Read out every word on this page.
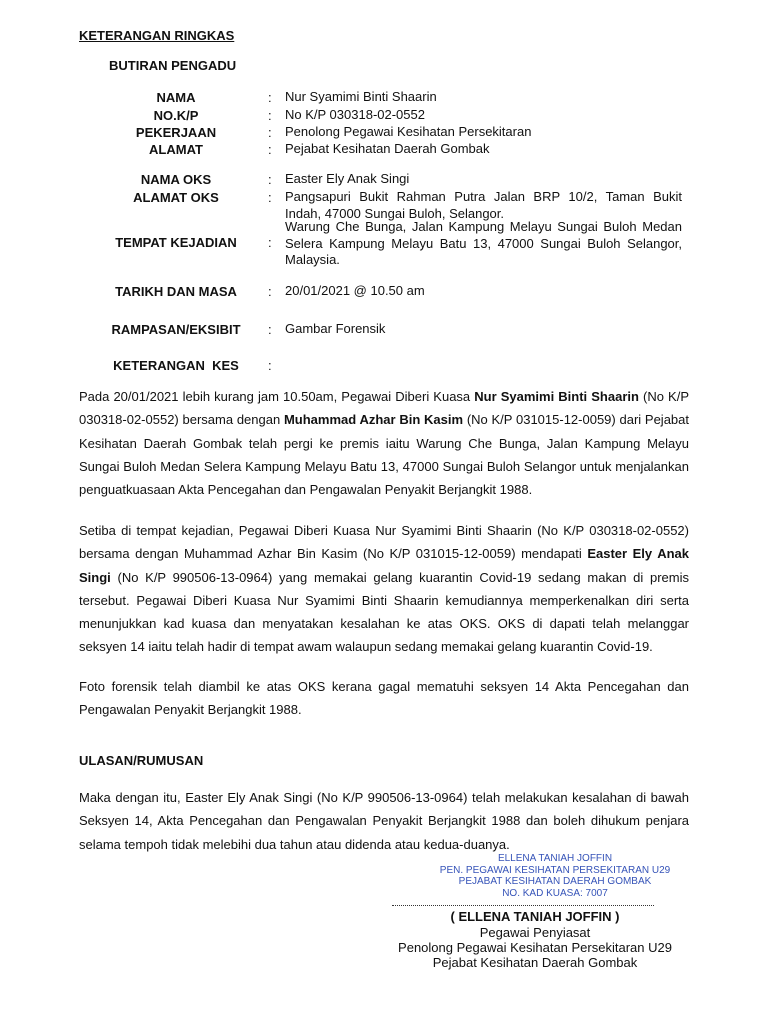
KETERANGAN RINGKAS
BUTIRAN PENGADU
NAMA	: Nur Syamimi Binti Shaarin
NO.K/P	: No K/P 030318-02-0552
PEKERJAAN	: Penolong Pegawai Kesihatan Persekitaran
ALAMAT	: Pejabat Kesihatan Daerah Gombak
NAMA OKS	: Easter Ely Anak Singi
ALAMAT OKS	: Pangsapuri Bukit Rahman Putra Jalan BRP 10/2, Taman Bukit Indah, 47000 Sungai Buloh, Selangor.
TEMPAT KEJADIAN	:
Warung Che Bunga, Jalan Kampung Melayu Sungai Buloh Medan Selera Kampung Melayu Batu 13, 47000 Sungai Buloh Selangor, Malaysia.
TARIKH DAN MASA	: 20/01/2021 @ 10.50 am
RAMPASAN/EKSIBIT	: Gambar Forensik
KETERANGAN  KES	:
Pada 20/01/2021 lebih kurang jam 10.50am, Pegawai Diberi Kuasa Nur Syamimi Binti Shaarin (No K/P 030318-02-0552) bersama dengan Muhammad Azhar Bin Kasim (No K/P 031015-12-0059) dari Pejabat Kesihatan Daerah Gombak telah pergi ke premis iaitu Warung Che Bunga, Jalan Kampung Melayu Sungai Buloh Medan Selera Kampung Melayu Batu 13, 47000 Sungai Buloh Selangor untuk menjalankan penguatkuasaan Akta Pencegahan dan Pengawalan Penyakit Berjangkit 1988.
Setiba di tempat kejadian, Pegawai Diberi Kuasa Nur Syamimi Binti Shaarin (No K/P 030318-02-0552) bersama dengan Muhammad Azhar Bin Kasim (No K/P 031015-12-0059) mendapati Easter Ely Anak Singi (No K/P 990506-13-0964) yang memakai gelang kuarantin Covid-19 sedang makan di premis tersebut. Pegawai Diberi Kuasa Nur Syamimi Binti Shaarin kemudiannya memperkenalkan diri serta menunjukkan kad kuasa dan menyatakan kesalahan ke atas OKS. OKS di dapati telah melanggar seksyen 14 iaitu telah hadir di tempat awam walaupun sedang memakai gelang kuarantin Covid-19.
Foto forensik telah diambil ke atas OKS kerana gagal mematuhi seksyen 14 Akta Pencegahan dan Pengawalan Penyakit Berjangkit 1988.
ULASAN/RUMUSAN
Maka dengan itu, Easter Ely Anak Singi (No K/P 990506-13-0964) telah melakukan kesalahan di bawah Seksyen 14, Akta Pencegahan dan Pengawalan Penyakit Berjangkit 1988 dan boleh dihukum penjara selama tempoh tidak melebihi dua tahun atau didenda atau kedua-duanya.
ELLENA TANIAH JOFFIN
PEN. PEGAWAI KESIHATAN PERSEKITARAN U29
PEJABAT KESIHATAN DAERAH GOMBAK
NO. KAD KUASA: 7007
( ELLENA TANIAH JOFFIN )
Pegawai Penyiasat
Penolong Pegawai Kesihatan Persekitaran U29
Pejabat Kesihatan Daerah Gombak
